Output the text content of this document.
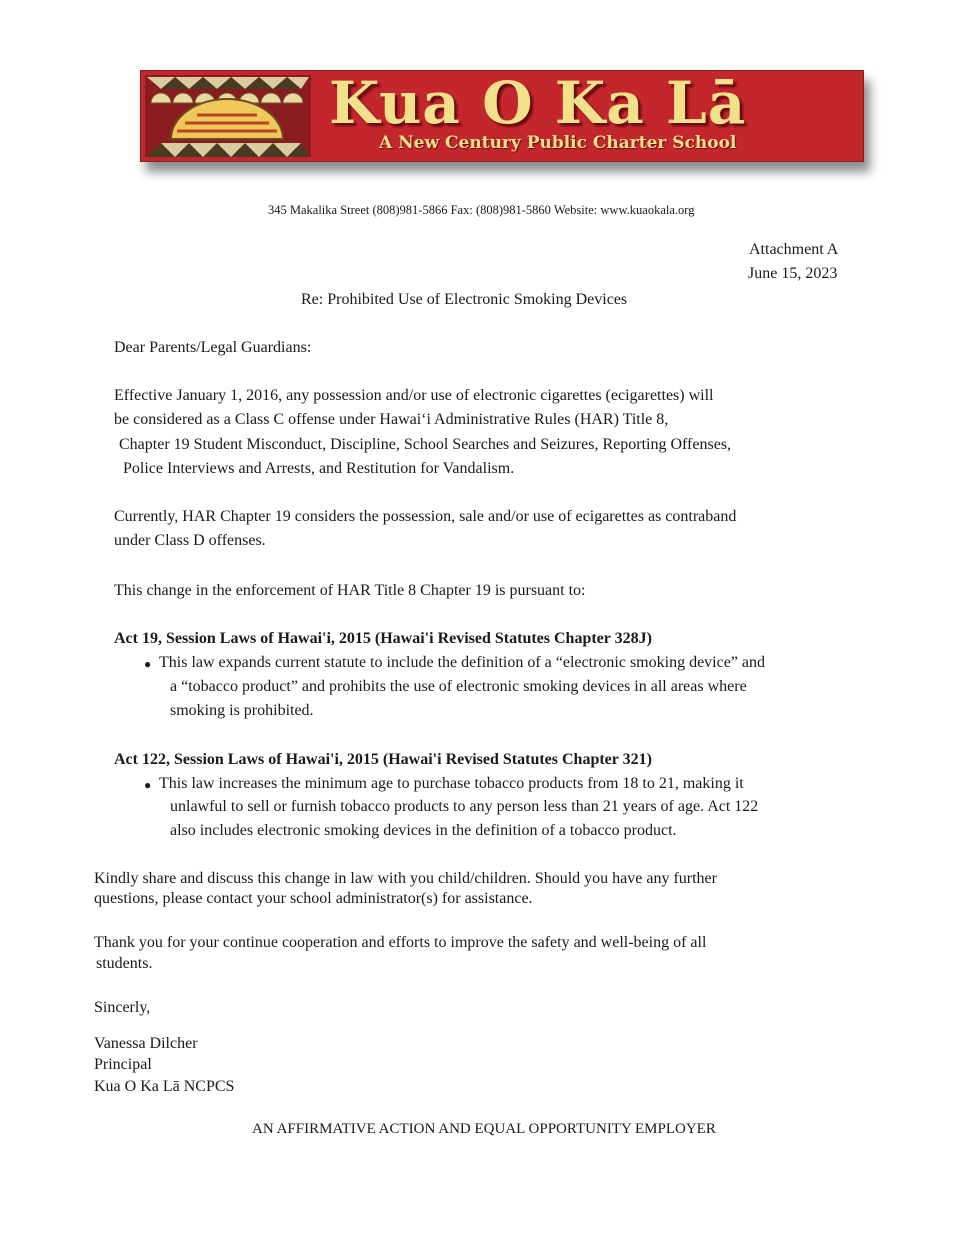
Kua O Ka Lā
A New Century Public Charter School
345 Makalika Street (808)981-5866 Fax: (808)981-5860 Website: www.kuaokala.org
Attachment A
June 15, 2023
Re: Prohibited Use of Electronic Smoking Devices
Dear Parents/Legal Guardians:
Effective January 1, 2016, any possession and/or use of electronic cigarettes (ecigarettes) will
be considered as a Class C offense under Hawai‘i Administrative Rules (HAR) Title 8,
Chapter 19 Student Misconduct, Discipline, School Searches and Seizures, Reporting Offenses,
Police Interviews and Arrests, and Restitution for Vandalism.
Currently, HAR Chapter 19 considers the possession, sale and/or use of ecigarettes as contraband
under Class D offenses.
This change in the enforcement of HAR Title 8 Chapter 19 is pursuant to:
Act 19, Session Laws of Hawai'i, 2015 (Hawai'i Revised Statutes Chapter 328J)
● This law expands current statute to include the definition of a “electronic smoking device” and
a “tobacco product” and prohibits the use of electronic smoking devices in all areas where
smoking is prohibited.
Act 122, Session Laws of Hawai'i, 2015 (Hawai'i Revised Statutes Chapter 321)
● This law increases the minimum age to purchase tobacco products from 18 to 21, making it
unlawful to sell or furnish tobacco products to any person less than 21 years of age. Act 122
also includes electronic smoking devices in the definition of a tobacco product.
Kindly share and discuss this change in law with you child/children. Should you have any further
questions, please contact your school administrator(s) for assistance.
Thank you for your continue cooperation and efforts to improve the safety and well-being of all
students.
Sincerly,
Vanessa Dilcher
Principal
Kua O Ka Lā NCPCS
AN AFFIRMATIVE ACTION AND EQUAL OPPORTUNITY EMPLOYER
